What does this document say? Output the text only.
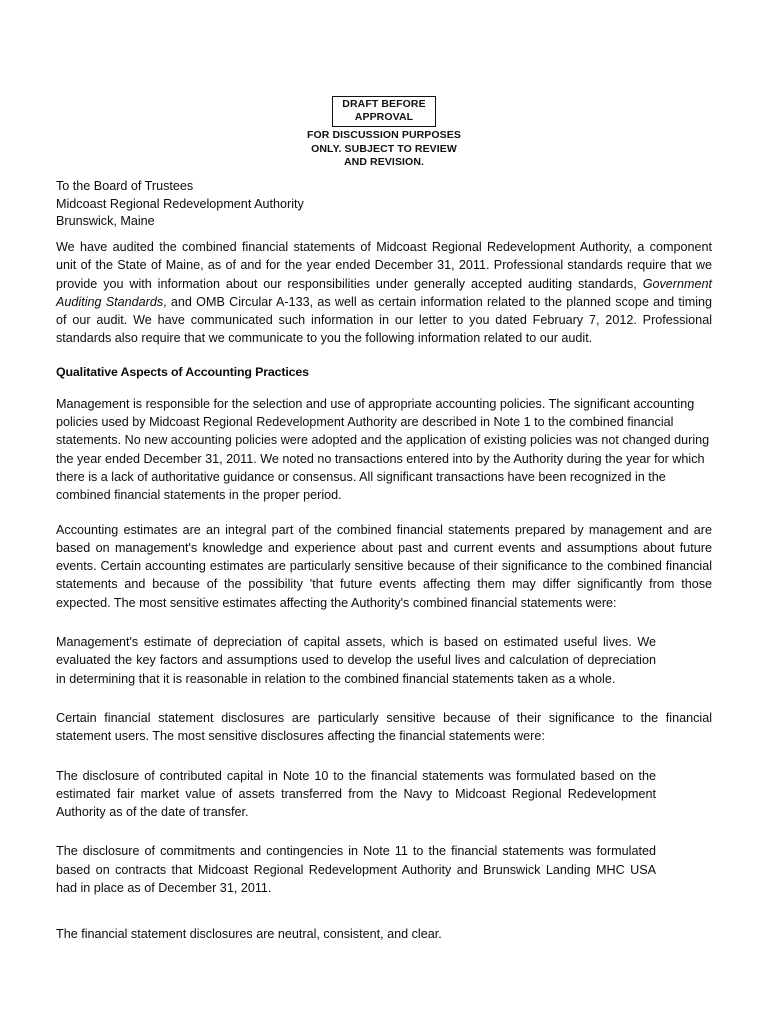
DRAFT BEFORE
APPROVAL
FOR DISCUSSION PURPOSES
ONLY. SUBJECT TO REVIEW
AND REVISION.
To the Board of Trustees
Midcoast Regional Redevelopment Authority
Brunswick, Maine

We have audited the combined financial statements of Midcoast Regional Redevelopment Authority, a component unit of the State of Maine, as of and for the year ended December 31, 2011. Professional standards require that we provide you with information about our responsibilities under generally accepted auditing standards, Government Auditing Standards, and OMB Circular A-133, as well as certain information related to the planned scope and timing of our audit. We have communicated such information in our letter to you dated February 7, 2012. Professional standards also require that we communicate to you the following information related to our audit.

Qualitative Aspects of Accounting Practices

Management is responsible for the selection and use of appropriate accounting policies. The significant accounting policies used by Midcoast Regional Redevelopment Authority are described in Note 1 to the combined financial statements. No new accounting policies were adopted and the application of existing policies was not changed during the year ended December 31, 2011. We noted no transactions entered into by the Authority during the year for which there is a lack of authoritative guidance or consensus. All significant transactions have been recognized in the combined financial statements in the proper period.

Accounting estimates are an integral part of the combined financial statements prepared by management and are based on management's knowledge and experience about past and current events and assumptions about future events. Certain accounting estimates are particularly sensitive because of their significance to the combined financial statements and because of the possibility 'that future events affecting them may differ significantly from those expected. The most sensitive estimates affecting the Authority's combined financial statements were:

Management's estimate of depreciation of capital assets, which is based on estimated useful lives. We evaluated the key factors and assumptions used to develop the useful lives and calculation of depreciation in determining that it is reasonable in relation to the combined financial statements taken as a whole.

Certain financial statement disclosures are particularly sensitive because of their significance to the financial statement users. The most sensitive disclosures affecting the financial statements were:

The disclosure of contributed capital in Note 10 to the financial statements was formulated based on the estimated fair market value of assets transferred from the Navy to Midcoast Regional Redevelopment Authority as of the date of transfer.

The disclosure of commitments and contingencies in Note 11 to the financial statements was formulated based on contracts that Midcoast Regional Redevelopment Authority and Brunswick Landing MHC USA had in place as of December 31, 2011.

The financial statement disclosures are neutral, consistent, and clear.
